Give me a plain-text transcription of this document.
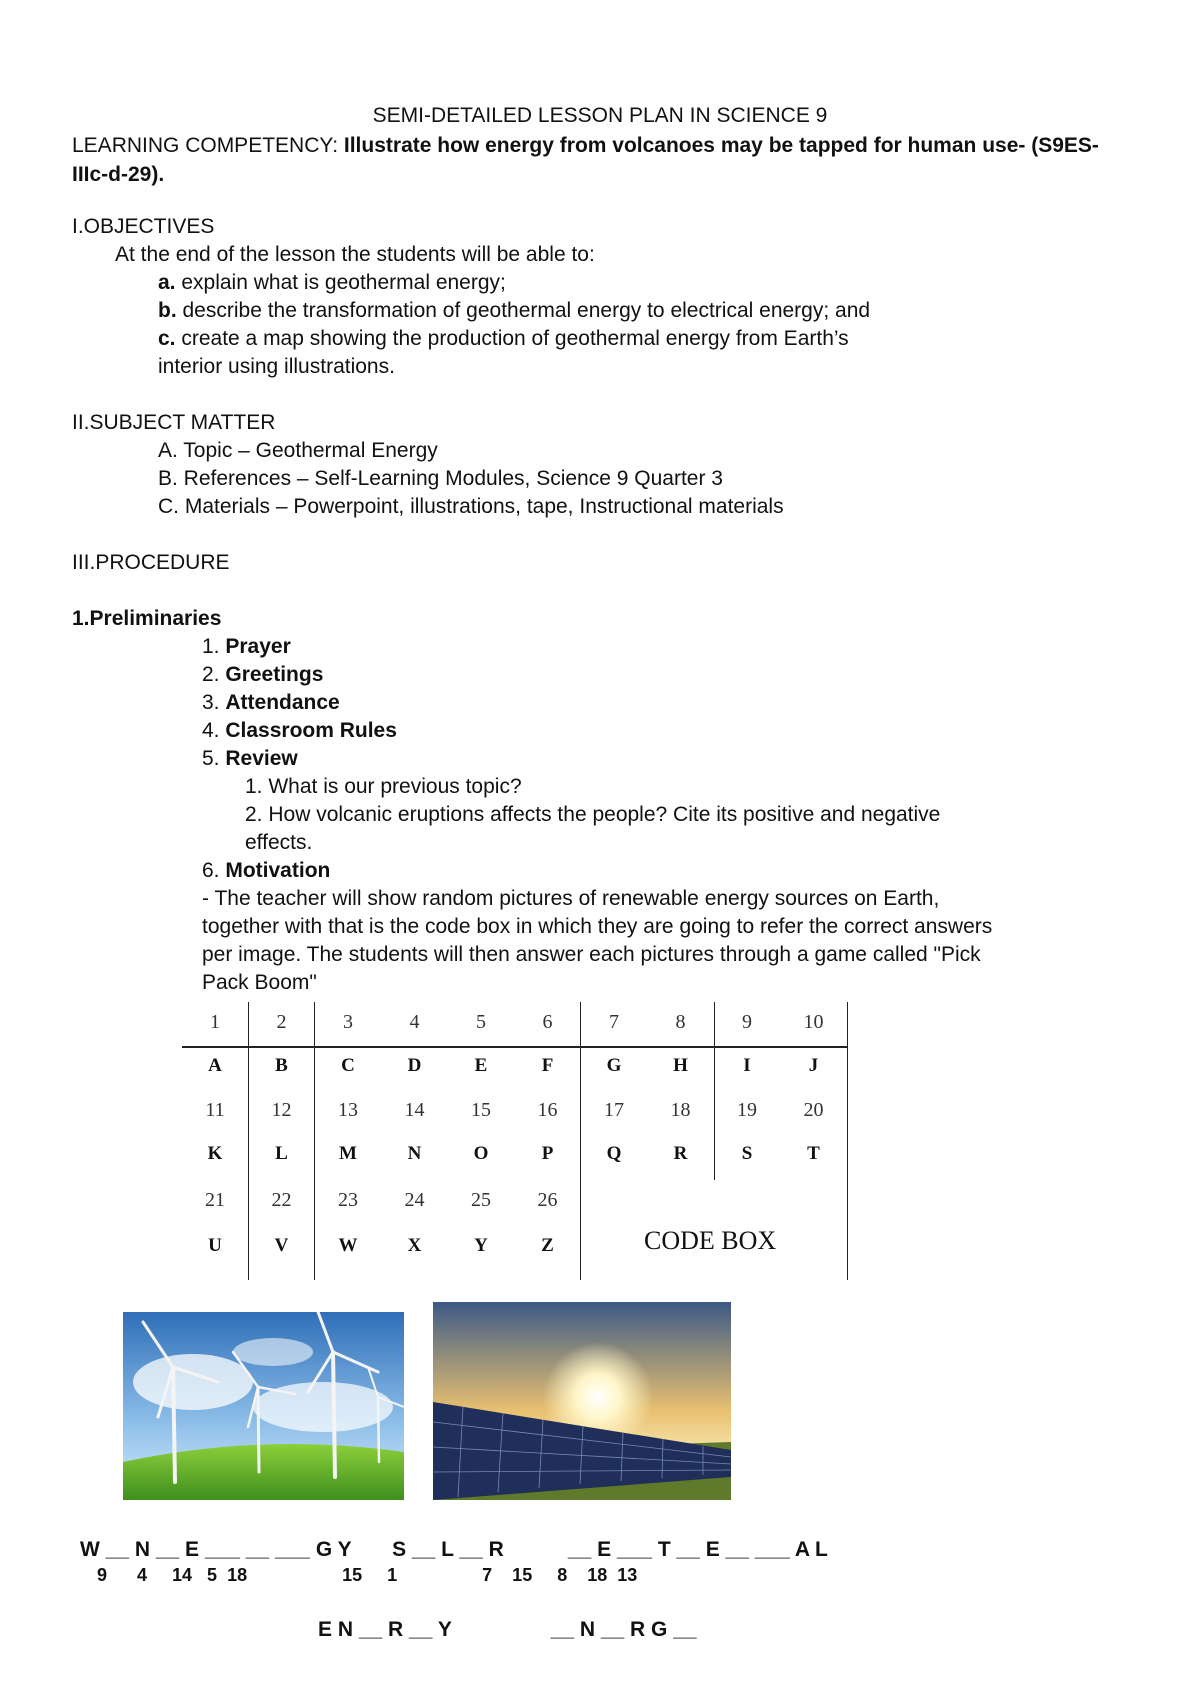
SEMI-DETAILED LESSON PLAN IN SCIENCE 9
LEARNING COMPETENCY: Illustrate how energy from volcanoes may be tapped for human use- (S9ES-IIIc-d-29).
I.OBJECTIVES
At the end of the lesson the students will be able to:
a. explain what is geothermal energy;
b. describe the transformation of geothermal energy to electrical energy; and
c. create a map showing the production of geothermal energy from Earth’s
interior using illustrations.
II.SUBJECT MATTER
A. Topic – Geothermal Energy
B. References – Self-Learning Modules, Science 9 Quarter 3
C. Materials – Powerpoint, illustrations, tape, Instructional materials
III.PROCEDURE
1.Preliminaries
1. Prayer
2. Greetings
3. Attendance
4. Classroom Rules
5. Review
1. What is our previous topic?
2. How volcanic eruptions affects the people? Cite its positive and negative
effects.
6. Motivation
- The teacher will show random pictures of renewable energy sources on Earth,
together with that is the code box in which they are going to refer the correct answers
per image. The students will then answer each pictures through a game called "Pick
Pack Boom"
CODE BOX
1	2	3	4	5	6	7	8	9	10
A	B	C	D	E	F	G	H	I	J
11	12	13	14	15	16	17	18	19	20
K	L	M	N	O	P	Q	R	S	T
21	22	23	24	25	26
U	V	W	X	Y	Z
W __ N __ E ___ __ ___ G Y       S __ L __ R           __ E ___ T __ E __ ___ A L
9      4     14   5  18                   15     1                 7    15     8    18  13
E N __ R __ Y                 __ N __ R G __
